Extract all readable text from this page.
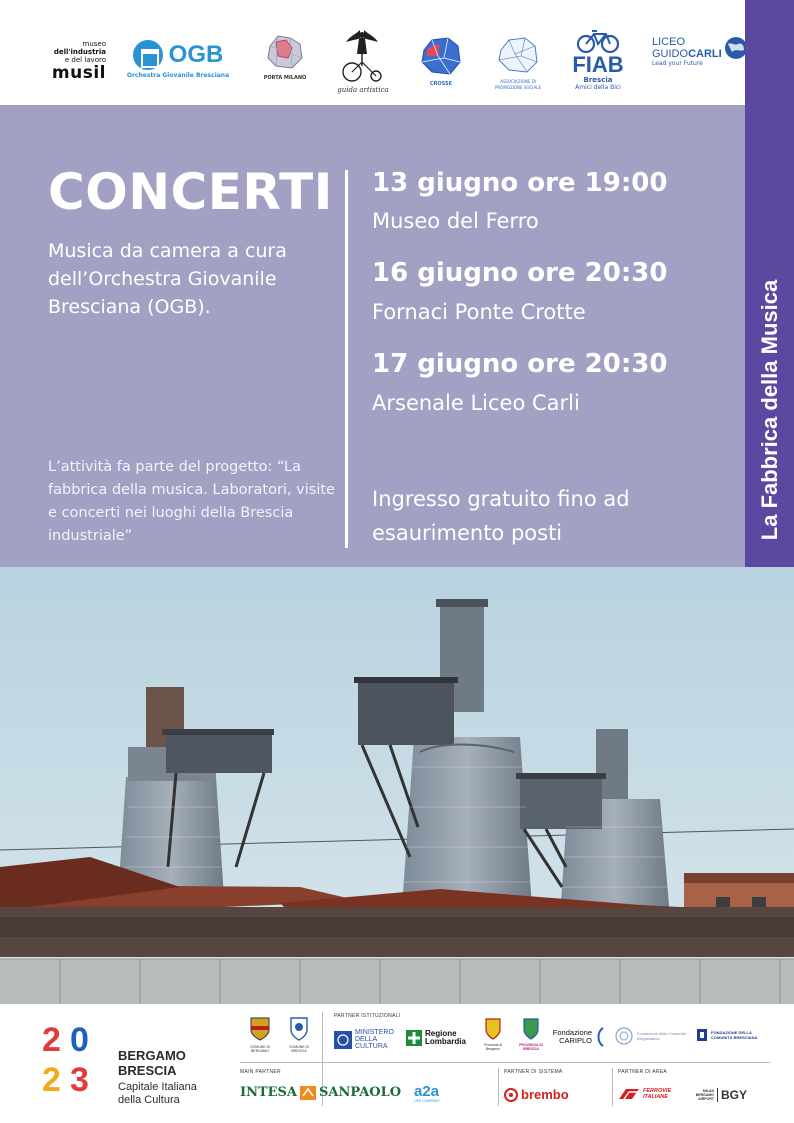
museo
dell'industria
e del lavoro
musil
OGB
Orchestra Giovanile Bresciana	PORTA MILANO
guida artistica
CROSSE	ASSOCIAZIONE DI PROMOZIONE SOCIALE
FIAB
Brescia
Amici della Bici
LICEO
GUIDOCARLI
Lead your Future
CONCERTI
Musica da camera a cura dell’Orchestra Giovanile Bresciana (OGB).
L’attività fa parte del progetto: “La fabbrica della musica. Laboratori, visite e concerti nei luoghi della Brescia industriale”
13 giugno ore 19:00
Museo del Ferro
16 giugno ore 20:30
Fornaci Ponte Crotte
17 giugno ore 20:30
Arsenale Liceo Carli
Ingresso gratuito fino ad esaurimento posti	La Fabbrica della Musica
2 0
2 3
BERGAMO
BRESCIA
Capitale Italiana
della Cultura
COMUNE DI BERGAMO
COMUNE DI BRESCIA
PARTNER ISTITUZIONALI
MINISTERO DELLA CULTURA
Regione Lombardia	Provincia di Bergamo
PROVINCIA DI BRESCIA
Fondazione CARIPLO
Fondazione della Comunità Bergamasca
FONDAZIONE DELLA COMUNITÀ BRESCIANA
MAIN PARTNER
INTESA SANPAOLO a2a
LIFE COMPANY
PARTNER DI SISTEMA
brembo
PARTNER DI AREA
FERROVIE ITALIANE
MILAN BERGAMO AIRPORT BGY
